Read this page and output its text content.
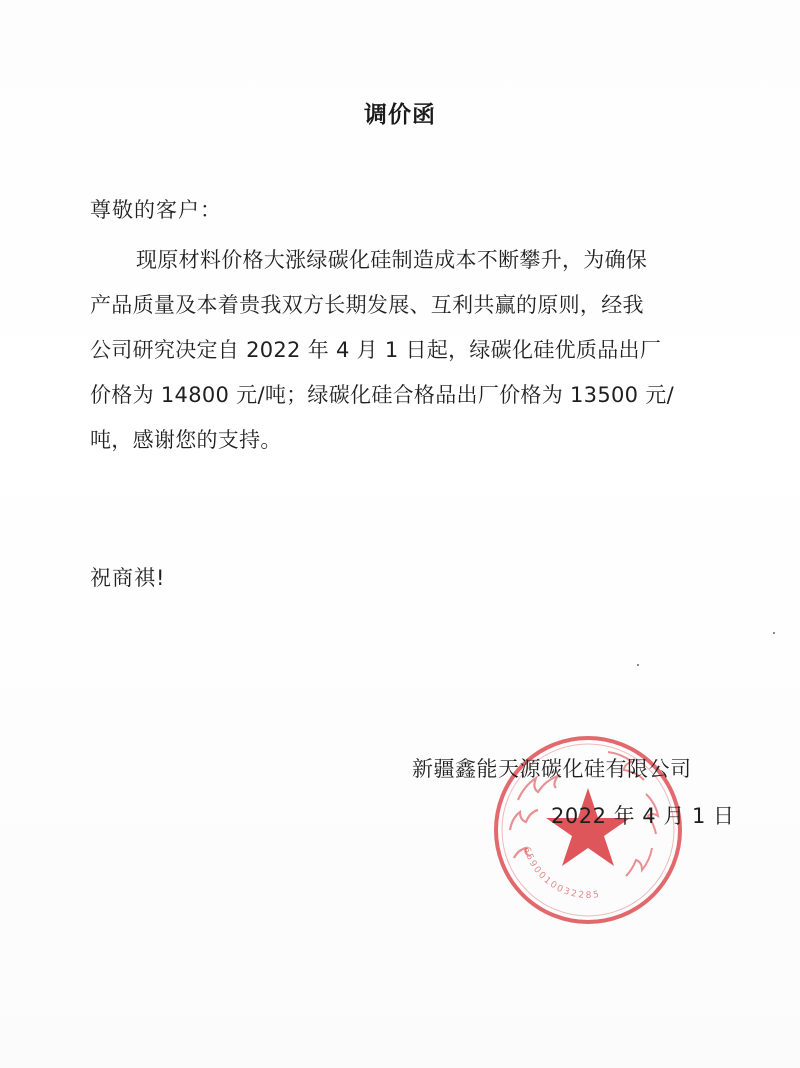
调价函
尊敬的客户：
现原材料价格大涨绿碳化硅制造成本不断攀升，为确保
产品质量及本着贵我双方长期发展、互利共赢的原则，经我
公司研究决定自 2022 年 4 月 1 日起，绿碳化硅优质品出厂
价格为 14800 元/吨；绿碳化硅合格品出厂价格为 13500 元/
吨，感谢您的支持。
祝商祺!
6590010032285
新疆鑫能天源碳化硅有限公司
2022 年 4 月 1 日
